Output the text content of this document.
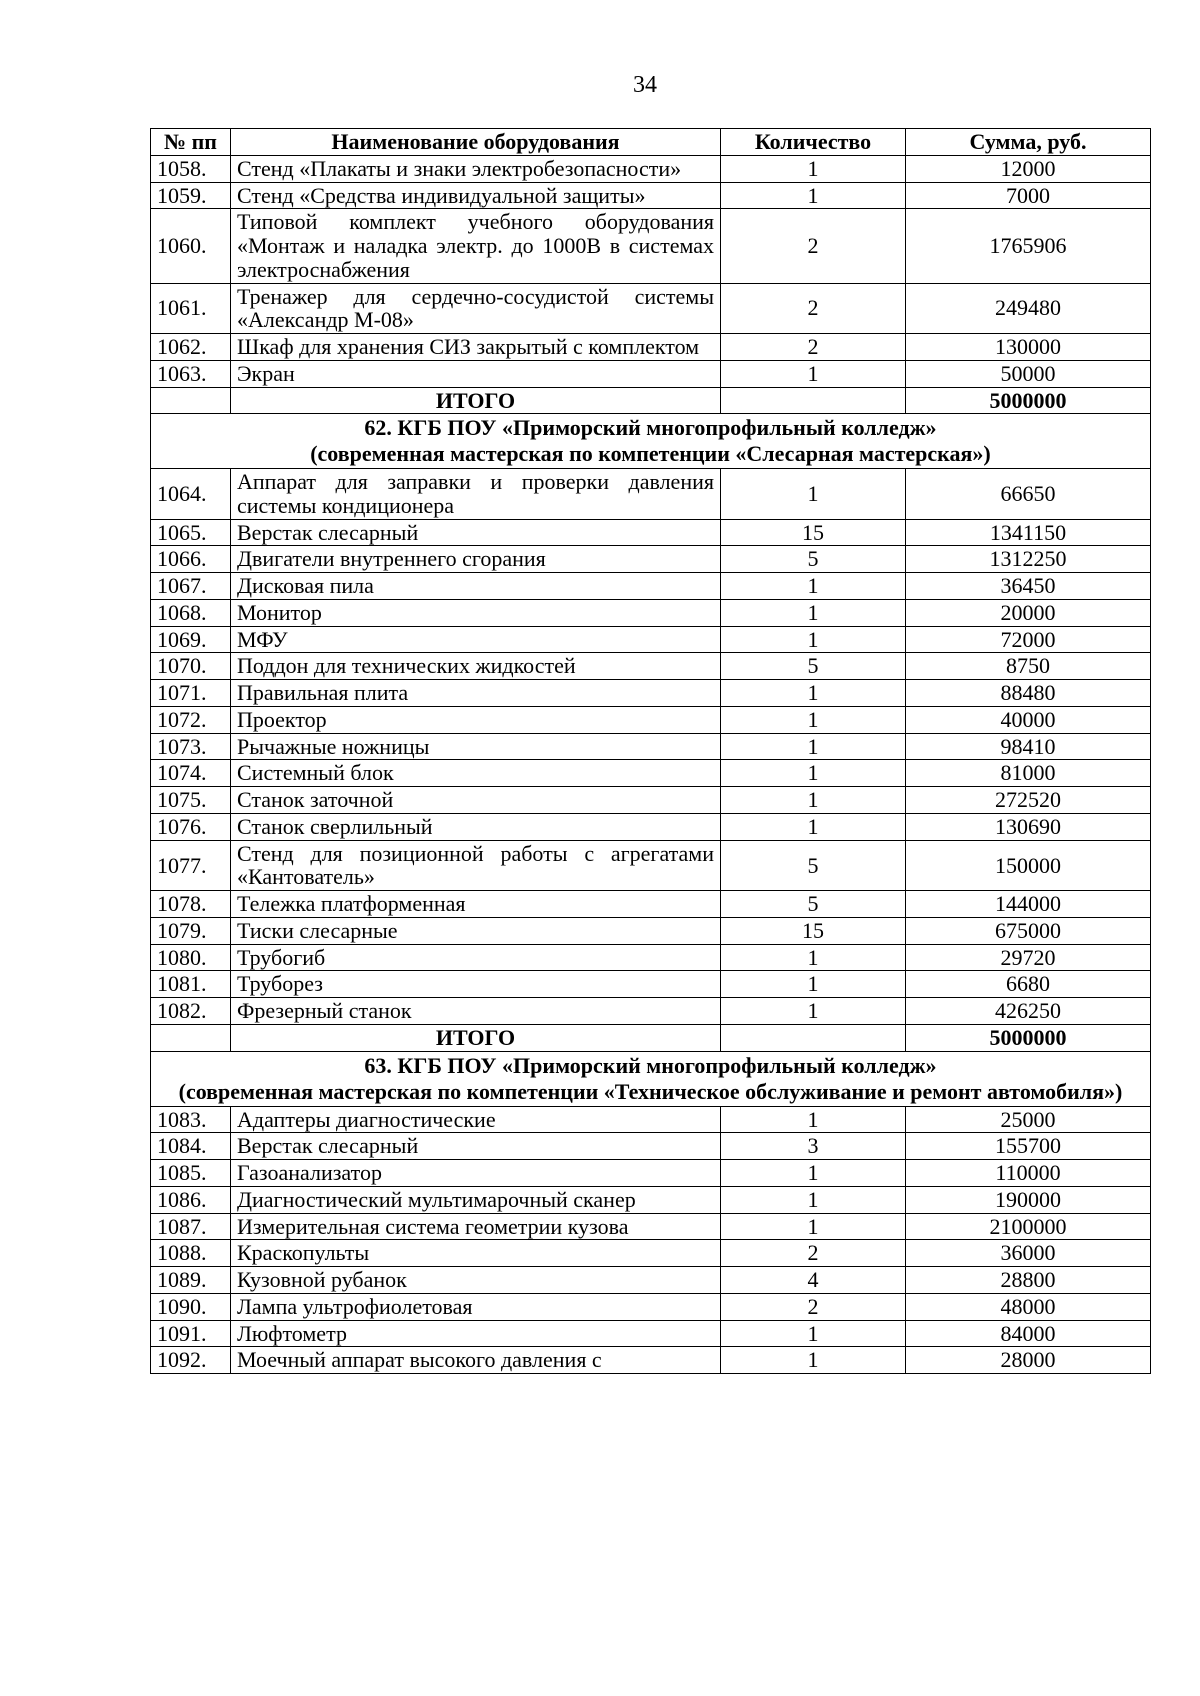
34
№ пп	Наименование оборудования	Количество	Сумма, руб.
1058.	Стенд «Плакаты и знаки электробезопасности»	1	12000
1059.	Стенд «Средства индивидуальной защиты»	1	7000
1060.	Типовой комплект учебного оборудования «Монтаж и наладка электр. до 1000В в системах электроснабжения	2	1765906
1061.	Тренажер для сердечно-сосудистой системы «Александр М-08»	2	249480
1062.	Шкаф для хранения СИЗ закрытый с комплектом	2	130000
1063.	Экран	1	50000
	ИТОГО		5000000

62. КГБ ПОУ «Приморский многопрофильный колледж»
(современная мастерская по компетенции «Слесарная мастерская»)			

1064.	Аппарат для заправки и проверки давления системы кондиционера	1	66650
1065.	Верстак слесарный	15	1341150
1066.	Двигатели внутреннего сгорания	5	1312250
1067.	Дисковая пила	1	36450
1068.	Монитор	1	20000
1069.	МФУ	1	72000
1070.	Поддон для технических жидкостей	5	8750
1071.	Правильная плита	1	88480
1072.	Проектор	1	40000
1073.	Рычажные ножницы	1	98410
1074.	Системный блок	1	81000
1075.	Станок заточной	1	272520
1076.	Станок сверлильный	1	130690
1077.	Стенд для позиционной работы с агрегатами «Кантователь»	5	150000
1078.	Тележка платформенная	5	144000
1079.	Тиски слесарные	15	675000
1080.	Трубогиб	1	29720
1081.	Труборез	1	6680
1082.	Фрезерный станок	1	426250
	ИТОГО		5000000

63. КГБ ПОУ «Приморский многопрофильный колледж»
(современная мастерская по компетенции «Техническое обслуживание и ремонт автомобиля»)			

1083.	Адаптеры диагностические	1	25000
1084.	Верстак слесарный	3	155700
1085.	Газоанализатор	1	110000
1086.	Диагностический мультимарочный сканер	1	190000
1087.	Измерительная система геометрии кузова	1	2100000
1088.	Краскопульты	2	36000
1089.	Кузовной рубанок	4	28800
1090.	Лампа ультрофиолетовая	2	48000
1091.	Люфтометр	1	84000
1092.	Моечный аппарат высокого давления с	1	28000
